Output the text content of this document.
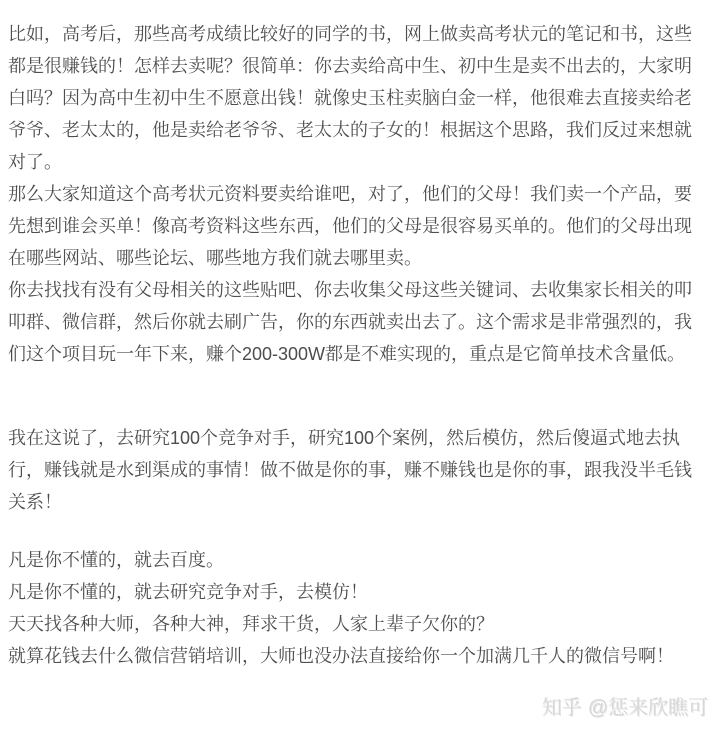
比如，高考后，那些高考成绩比较好的同学的书，网上做卖高考状元的笔记和书，这些都是很赚钱的！怎样去卖呢？很简单：你去卖给高中生、初中生是卖不出去的，大家明白吗？因为高中生初中生不愿意出钱！就像史玉柱卖脑白金一样，他很难去直接卖给老爷爷、老太太的，他是卖给老爷爷、老太太的子女的！根据这个思路，我们反过来想就对了。

那么大家知道这个高考状元资料要卖给谁吧，对了，他们的父母！我们卖一个产品，要先想到谁会买单！像高考资料这些东西，他们的父母是很容易买单的。他们的父母出现在哪些网站、哪些论坛、哪些地方我们就去哪里卖。

你去找找有没有父母相关的这些贴吧、你去收集父母这些关键词、去收集家长相关的叩叩群、微信群，然后你就去刷广告，你的东西就卖出去了。这个需求是非常强烈的，我们这个项目玩一年下来，赚个200-300W都是不难实现的，重点是它简单技术含量低。

我在这说了，去研究100个竞争对手，研究100个案例，然后模仿，然后傻逼式地去执行，赚钱就是水到渠成的事情！做不做是你的事，赚不赚钱也是你的事，跟我没半毛钱关系！

凡是你不懂的，就去百度。

凡是你不懂的，就去研究竞争对手，去模仿！

天天找各种大师，各种大神，拜求干货，人家上辈子欠你的？

就算花钱去什么微信营销培训，大师也没办法直接给你一个加满几千人的微信号啊！

知乎 @惩来欣瞧可
